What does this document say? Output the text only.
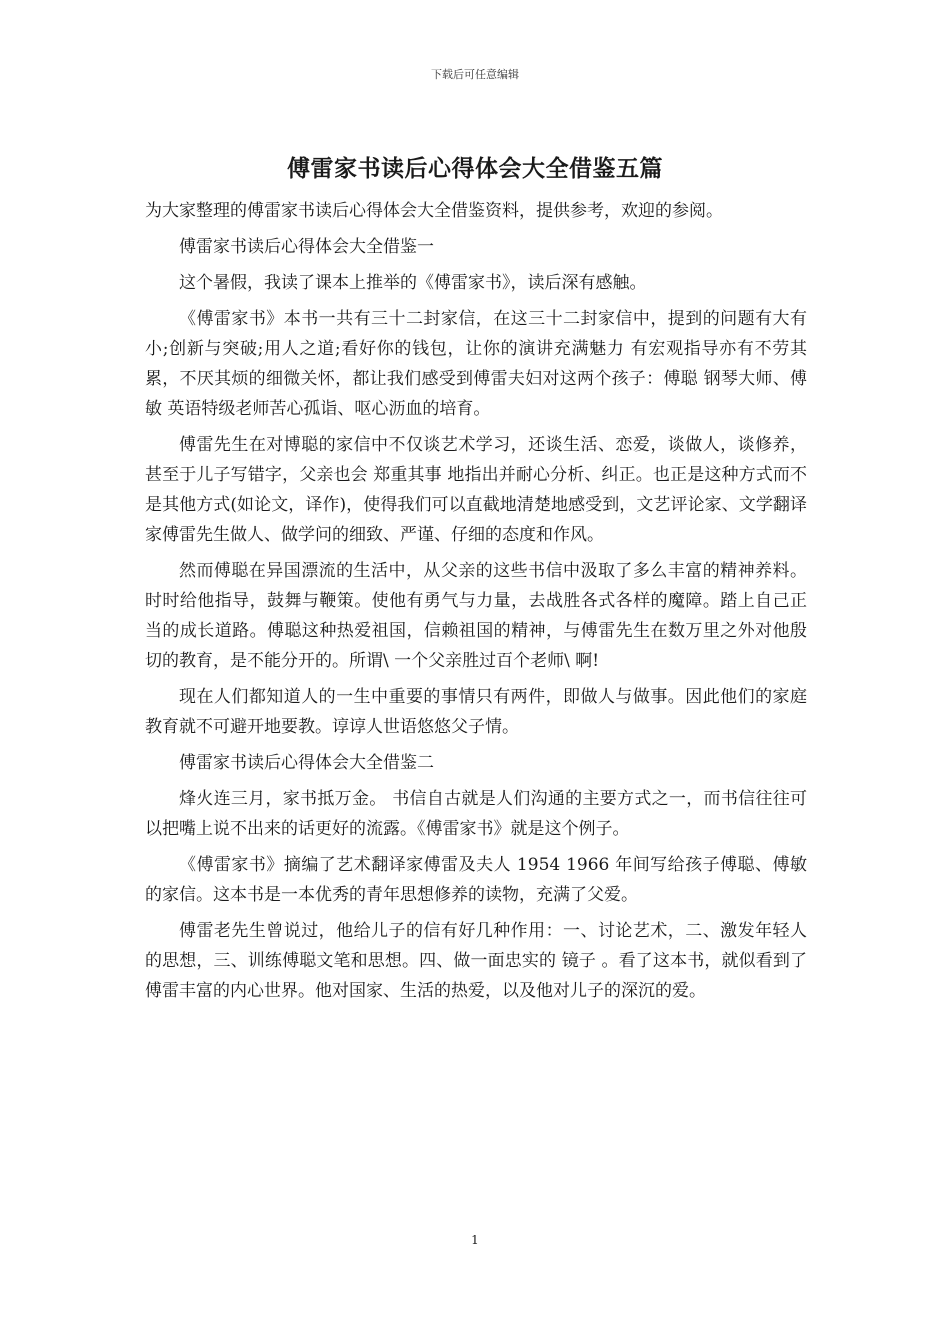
下载后可任意编辑
傅雷家书读后心得体会大全借鉴五篇

为大家整理的傅雷家书读后心得体会大全借鉴资料，提供参考，欢迎的参阅。

傅雷家书读后心得体会大全借鉴一

这个暑假，我读了课本上推举的《傅雷家书》，读后深有感触。

《傅雷家书》本书一共有三十二封家信，在这三十二封家信中，提到的问题有大有小;创新与突破;用人之道;看好你的钱包，让你的演讲充满魅力 有宏观指导亦有不劳其累，不厌其烦的细微关怀，都让我们感受到傅雷夫妇对这两个孩子：傅聪 钢琴大师、傅敏 英语特级老师苦心孤诣、呕心沥血的培育。

傅雷先生在对博聪的家信中不仅谈艺术学习，还谈生活、恋爱，谈做人，谈修养，甚至于儿子写错字，父亲也会 郑重其事 地指出并耐心分析、纠正。也正是这种方式而不是其他方式(如论文，译作)，使得我们可以直截地清楚地感受到，文艺评论家、文学翻译家傅雷先生做人、做学问的细致、严谨、仔细的态度和作风。

然而傅聪在异国漂流的生活中，从父亲的这些书信中汲取了多么丰富的精神养料。时时给他指导，鼓舞与鞭策。使他有勇气与力量，去战胜各式各样的魔障。踏上自己正当的成长道路。傅聪这种热爱祖国，信赖祖国的精神，与傅雷先生在数万里之外对他殷切的教育，是不能分开的。所谓\ 一个父亲胜过百个老师\ 啊!

现在人们都知道人的一生中重要的事情只有两件，即做人与做事。因此他们的家庭教育就不可避开地要教。谆谆人世语悠悠父子情。

傅雷家书读后心得体会大全借鉴二

烽火连三月，家书抵万金。 书信自古就是人们沟通的主要方式之一，而书信往往可以把嘴上说不出来的话更好的流露。《傅雷家书》就是这个例子。

《傅雷家书》摘编了艺术翻译家傅雷及夫人 1954 1966 年间写给孩子傅聪、傅敏的家信。这本书是一本优秀的青年思想修养的读物，充满了父爱。

傅雷老先生曾说过，他给儿子的信有好几种作用：一、讨论艺术，二、激发年轻人的思想，三、训练傅聪文笔和思想。四、做一面忠实的 镜子 。看了这本书，就似看到了傅雷丰富的内心世界。他对国家、生活的热爱，以及他对儿子的深沉的爱。

1
